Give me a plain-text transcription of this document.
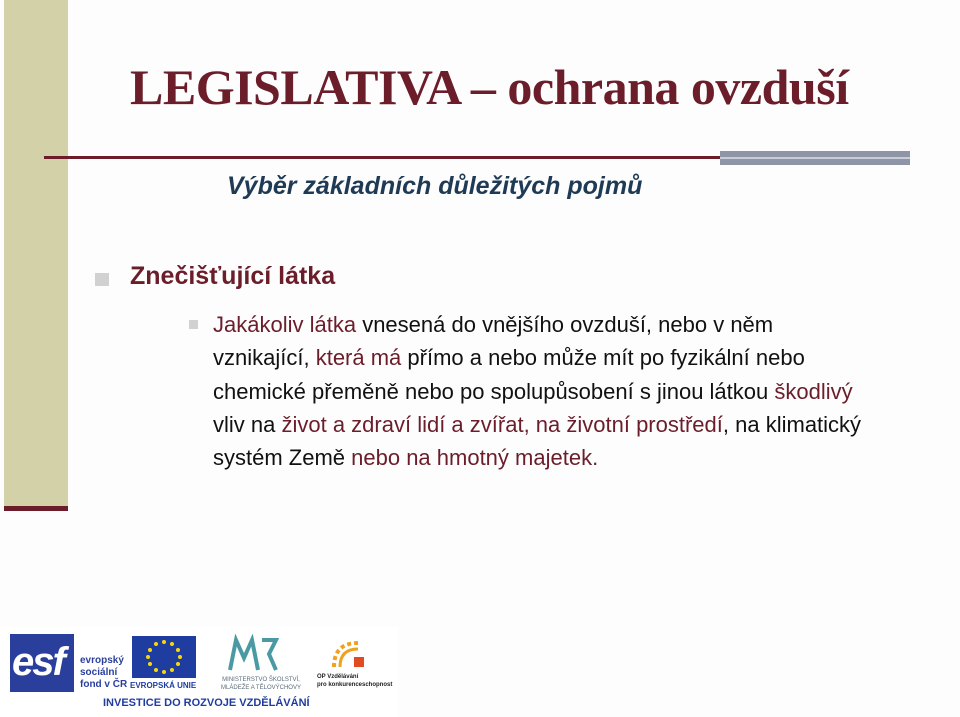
LEGISLATIVA – ochrana ovzduší
Výběr základních důležitých pojmů

Znečišťující látka

Jakákoliv látka vnesená do vnějšího ovzduší, nebo v něm vznikající, která má přímo a nebo může mít po fyzikální nebo chemické přeměně nebo po spolupůsobení s jinou látkou škodlivý vliv na život a zdraví lidí a zvířat, na životní prostředí, na klimatický systém Země nebo na hmotný majetek.

esf evropský sociální fond v ČR EVROPSKÁ UNIE
MINISTERSTVO ŠKOLSTVÍ,
MLÁDEŽE A TĚLOVÝCHOVY
OP Vzdělávání
pro konkurenceschopnost
INVESTICE DO ROZVOJE VZDĚLÁVÁNÍ
